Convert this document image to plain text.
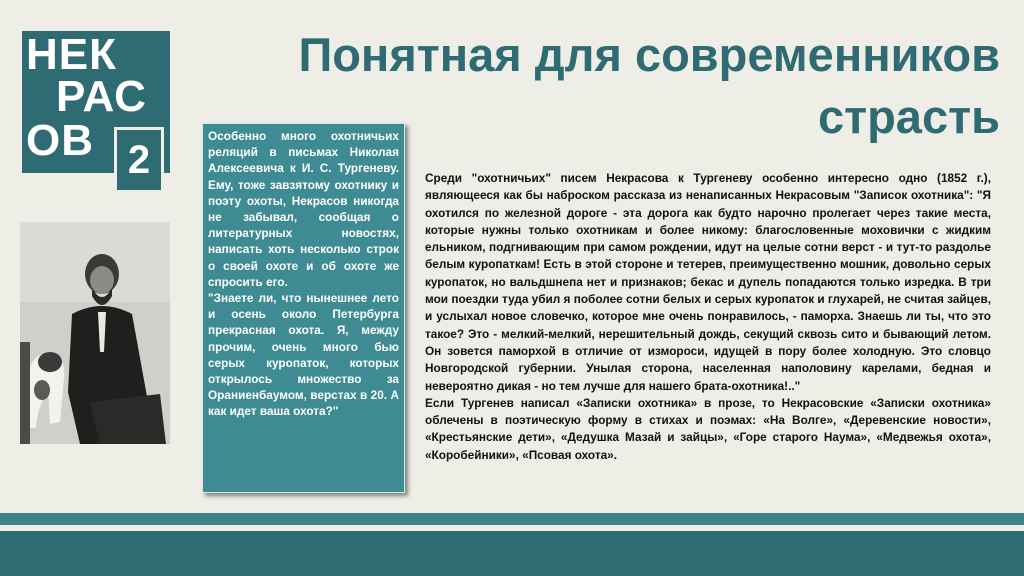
НЕК
РАС
ОВ 2
Понятная для современников
страсть

Особенно много охотничьих реляций в письмах Николая Алексеевича к И. С. Тургеневу. Ему, тоже завзятому охотнику и поэту охоты, Некрасов никогда не забывал, сообщая о литературных новостях, написать хоть несколько строк о своей охоте и об охоте же спросить его.

"Знаете ли, что нынешнее лето и осень около Петербурга прекрасная охота. Я, между прочим, очень много бью серых куропаток, которых открылось множество за Ораниенбаумом, верстах в 20. А как идет ваша охота?"

Среди "охотничьих" писем Некрасова к Тургеневу особенно интересно одно (1852 г.), являющееся как бы наброском рассказа из ненаписанных Некрасовым "Записок охотника": "Я охотился по железной дороге - эта дорога как будто нарочно пролегает через такие места, которые нужны только охотникам и более никому: благословенные моховички с жидким ельником, подгнивающим при самом рождении, идут на целые сотни верст - и тут-то раздолье белым куропаткам! Есть в этой стороне и тетерев, преимущественно мошник, довольно серых куропаток, но вальдшнепа нет и признаков; бекас и дупель попадаются только изредка. В три мои поездки туда убил я поболее сотни белых и серых куропаток и глухарей, не считая зайцев, и услыхал новое словечко, которое мне очень понравилось, - паморха. Знаешь ли ты, что это такое? Это - мелкий-мелкий, нерешительный дождь, секущий сквозь сито и бывающий летом. Он зовется паморхой в отличие от измороси, идущей в пору более холодную. Это словцо Новгородской губернии. Унылая сторона, населенная наполовину карелами, бедная и невероятно дикая - но тем лучше для нашего брата-охотника!.."

Если Тургенев написал «Записки охотника» в прозе, то Некрасовские «Записки охотника» облечены в поэтическую форму в стихах и поэмах: «На Волге», «Деревенские новости», «Крестьянские дети», «Дедушка Мазай и зайцы», «Горе старого Наума», «Медвежья охота», «Коробейники», «Псовая охота».
